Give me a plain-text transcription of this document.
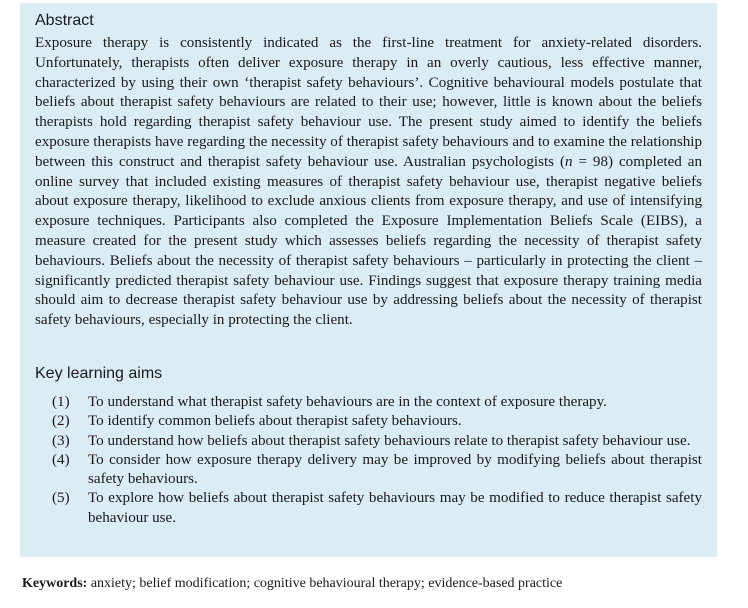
Abstract

Exposure therapy is consistently indicated as the first-line treatment for anxiety-related disorders. Unfortunately, therapists often deliver exposure therapy in an overly cautious, less effective manner, characterized by using their own ‘therapist safety behaviours’. Cognitive behavioural models postulate that beliefs about therapist safety behaviours are related to their use; however, little is known about the beliefs therapists hold regarding therapist safety behaviour use. The present study aimed to identify the beliefs exposure therapists have regarding the necessity of therapist safety behaviours and to examine the relationship between this construct and therapist safety behaviour use. Australian psychologists (n = 98) completed an online survey that included existing measures of therapist safety behaviour use, therapist negative beliefs about exposure therapy, likelihood to exclude anxious clients from exposure therapy, and use of intensifying exposure techniques. Participants also completed the Exposure Implementation Beliefs Scale (EIBS), a measure created for the present study which assesses beliefs regarding the necessity of therapist safety behaviours. Beliefs about the necessity of therapist safety behaviours – particularly in protecting the client – significantly predicted therapist safety behaviour use. Findings suggest that exposure therapy training media should aim to decrease therapist safety behaviour use by addressing beliefs about the necessity of therapist safety behaviours, especially in protecting the client.

Key learning aims
(1) To understand what therapist safety behaviours are in the context of exposure therapy.
(2) To identify common beliefs about therapist safety behaviours.
(3) To understand how beliefs about therapist safety behaviours relate to therapist safety behaviour use.
(4) To consider how exposure therapy delivery may be improved by modifying beliefs about therapist safety behaviours.
(5) To explore how beliefs about therapist safety behaviours may be modified to reduce therapist safety behaviour use.
Keywords: anxiety; belief modification; cognitive behavioural therapy; evidence-based practice
